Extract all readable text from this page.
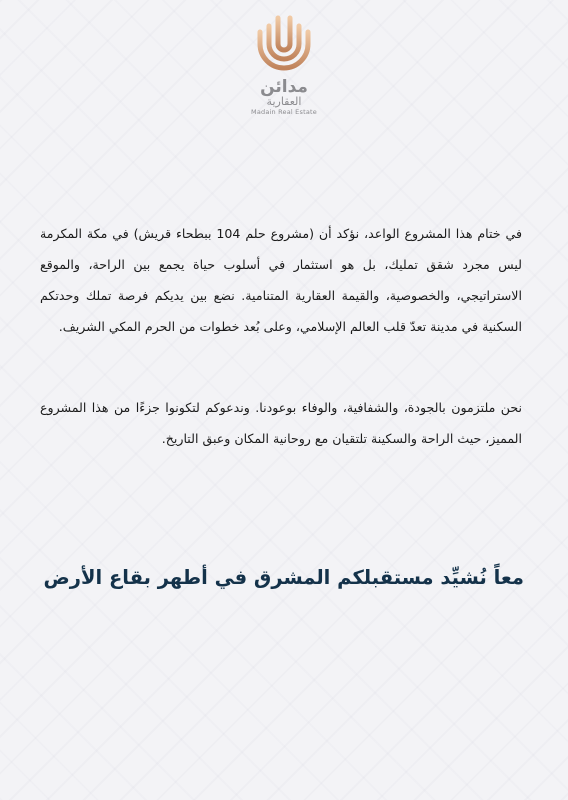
مدائن
العقارية
Madain Real Estate
في ختام هذا المشروع الواعد، نؤكد أن (مشروع حلم 104 ببطحاء قريش) في مكة المكرمة ليس مجرد شقق تمليك، بل هو استثمار في أسلوب حياة يجمع بين الراحة، والموقع الاستراتيجي، والخصوصية، والقيمة العقارية المتنامية. نضع بين يديكم فرصة تملك وحدتكم السكنية في مدينة تعدّ قلب العالم الإسلامي، وعلى بُعد خطوات من الحرم المكي الشريف.
نحن ملتزمون بالجودة، والشفافية، والوفاء بوعودنا. وندعوكم لتكونوا جزءًا من هذا المشروع المميز، حيث الراحة والسكينة تلتقيان مع روحانية المكان وعبق التاريخ.
معاً نُشيِّد مستقبلكم المشرق في أطهر بقاع الأرض
